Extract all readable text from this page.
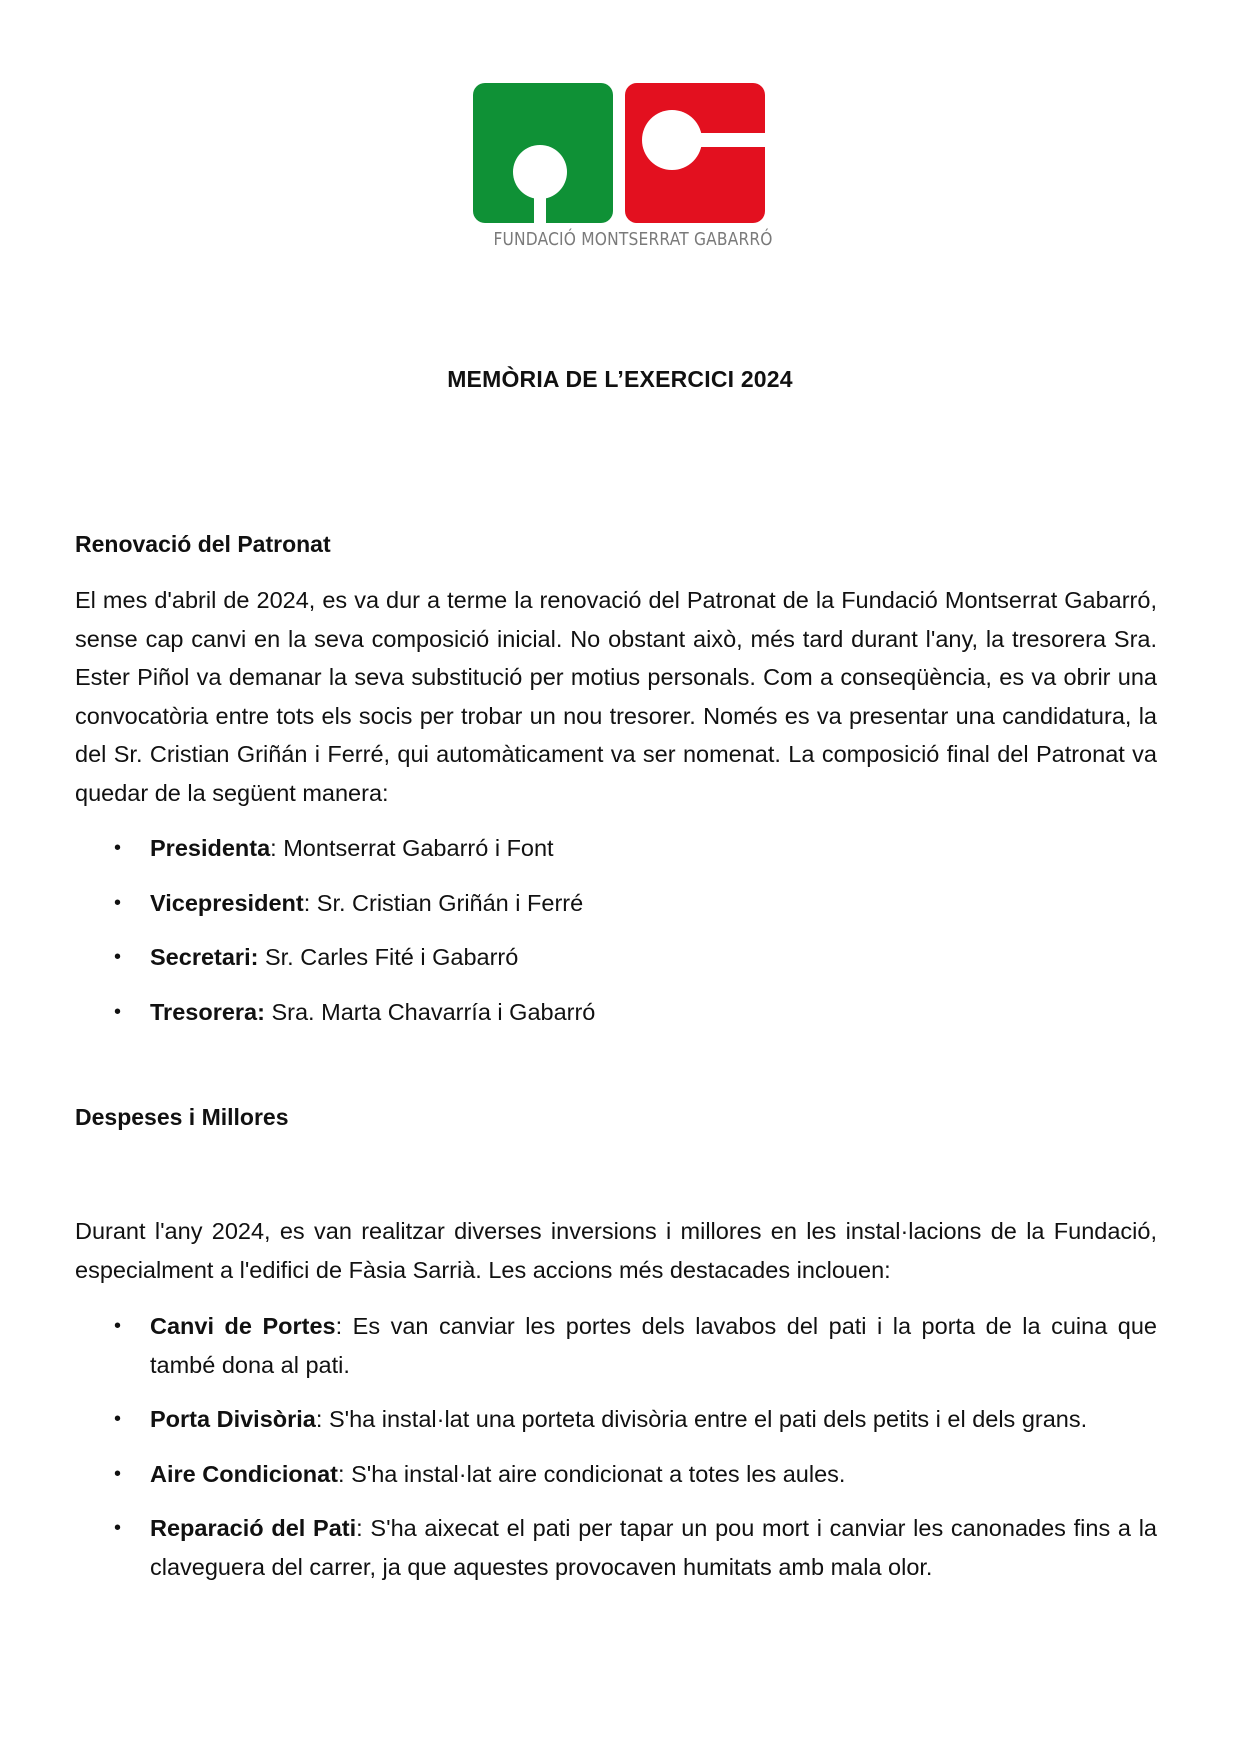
FUNDACIÓ MONTSERRAT GABARRÓ
MEMÒRIA DE L’EXERCICI 2024
Renovació del Patronat

El mes d'abril de 2024, es va dur a terme la renovació del Patronat de la Fundació Montserrat Gabarró, sense cap canvi en la seva composició inicial. No obstant això, més tard durant l'any, la tresorera Sra. Ester Piñol va demanar la seva substitució per motius personals. Com a conseqüència, es va obrir una convocatòria entre tots els socis per trobar un nou tresorer. Només es va presentar una candidatura, la del Sr. Cristian Griñán i Ferré, qui automàticament va ser nomenat. La composició final del Patronat va quedar de la següent manera:

• Presidenta: Montserrat Gabarró i Font
• Vicepresident: Sr. Cristian Griñán i Ferré
• Secretari: Sr. Carles Fité i Gabarró
• Tresorera: Sra. Marta Chavarría i Gabarró
Despeses i Millores

Durant l'any 2024, es van realitzar diverses inversions i millores en les instal·lacions de la Fundació, especialment a l'edifici de Fàsia Sarrià. Les accions més destacades inclouen:

• Canvi de Portes: Es van canviar les portes dels lavabos del pati i la porta de la cuina que també dona al pati.
• Porta Divisòria: S'ha instal·lat una porteta divisòria entre el pati dels petits i el dels grans.
• Aire Condicionat: S'ha instal·lat aire condicionat a totes les aules.
• Reparació del Pati: S'ha aixecat el pati per tapar un pou mort i canviar les canonades fins a la claveguera del carrer, ja que aquestes provocaven humitats amb mala olor.
